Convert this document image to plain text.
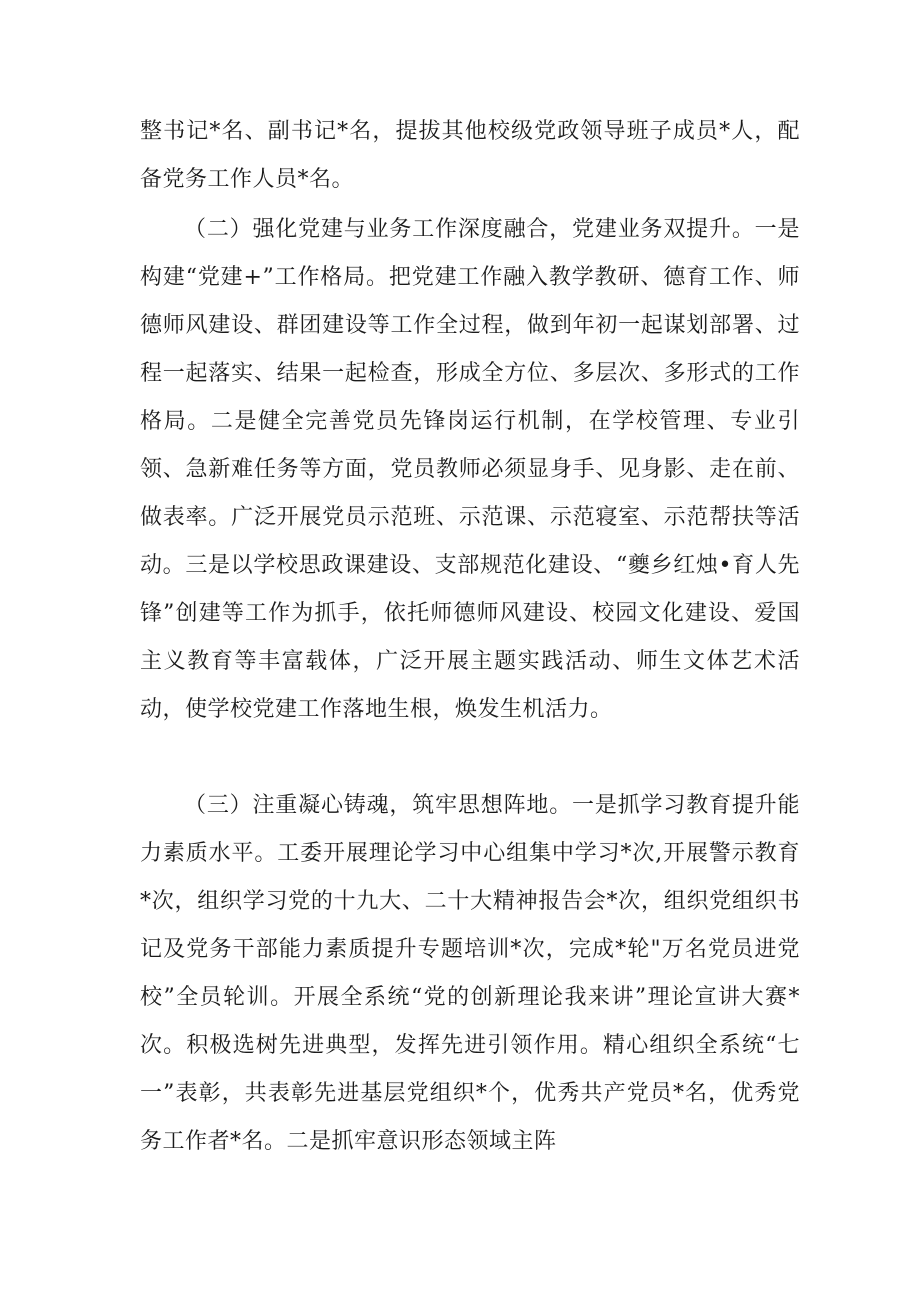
整书记*名、副书记*名，提拔其他校级党政领导班子成员*人，配备党务工作人员*名。

（二）强化党建与业务工作深度融合，党建业务双提升。一是构建“党建+”工作格局。把党建工作融入教学教研、德育工作、师德师风建设、群团建设等工作全过程，做到年初一起谋划部署、过程一起落实、结果一起检查，形成全方位、多层次、多形式的工作格局。二是健全完善党员先锋岗运行机制，在学校管理、专业引领、急新难任务等方面，党员教师必须显身手、见身影、走在前、做表率。广泛开展党员示范班、示范课、示范寝室、示范帮扶等活动。三是以学校思政课建设、支部规范化建设、“夔乡红烛•育人先锋”创建等工作为抓手，依托师德师风建设、校园文化建设、爱国主义教育等丰富载体，广泛开展主题实践活动、师生文体艺术活动，使学校党建工作落地生根，焕发生机活力。

（三）注重凝心铸魂，筑牢思想阵地。一是抓学习教育提升能力素质水平。工委开展理论学习中心组集中学习*次,开展警示教育*次，组织学习党的十九大、二十大精神报告会*次，组织党组织书记及党务干部能力素质提升专题培训*次，完成*轮"万名党员进党校”全员轮训。开展全系统“党的创新理论我来讲”理论宣讲大赛*次。积极选树先进典型，发挥先进引领作用。精心组织全系统“七一”表彰，共表彰先进基层党组织*个，优秀共产党员*名，优秀党务工作者*名。二是抓牢意识形态领域主阵
